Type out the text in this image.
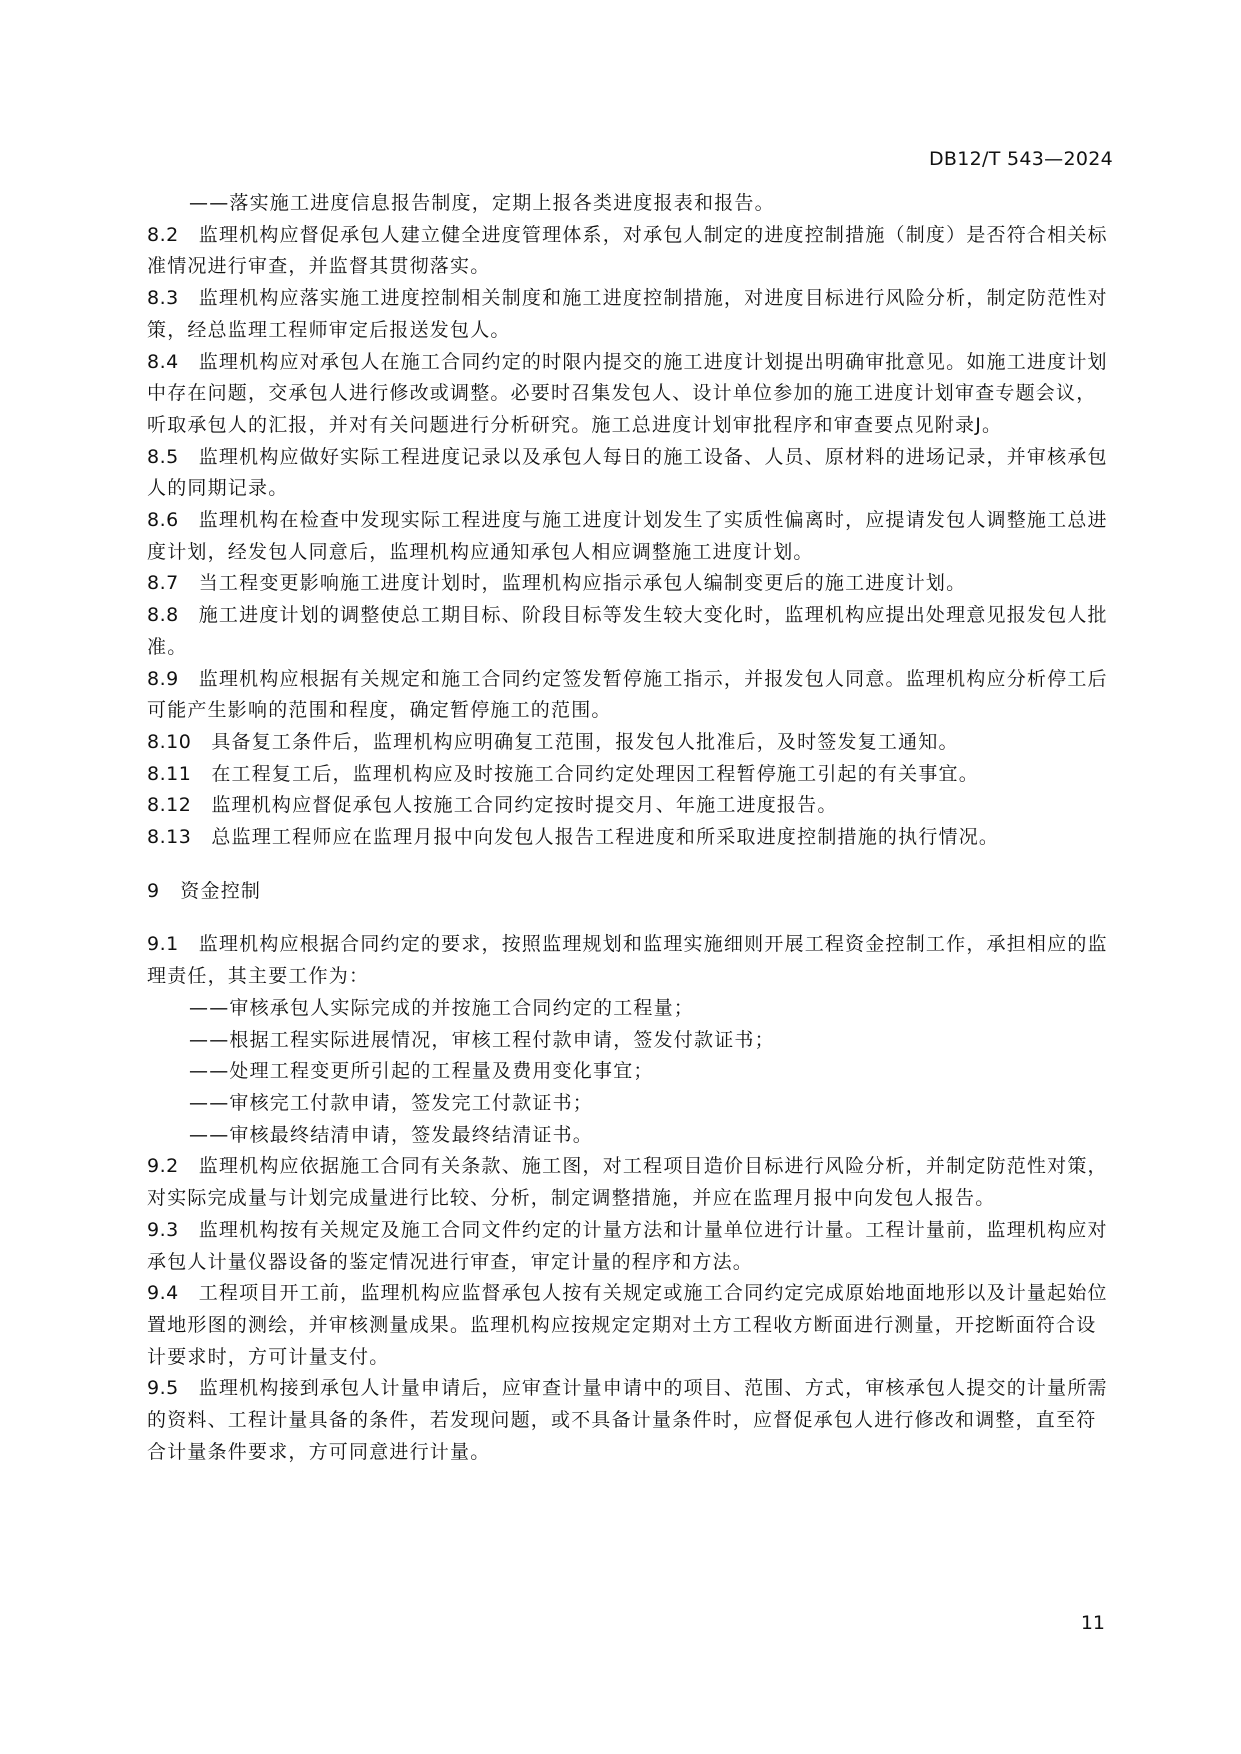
DB12/T 543—2024
——落实施工进度信息报告制度，定期上报各类进度报表和报告。
8.2 监理机构应督促承包人建立健全进度管理体系，对承包人制定的进度控制措施（制度）是否符合相关标准情况进行审查，并监督其贯彻落实。
8.3 监理机构应落实施工进度控制相关制度和施工进度控制措施，对进度目标进行风险分析，制定防范性对策，经总监理工程师审定后报送发包人。
8.4 监理机构应对承包人在施工合同约定的时限内提交的施工进度计划提出明确审批意见。如施工进度计划中存在问题，交承包人进行修改或调整。必要时召集发包人、设计单位参加的施工进度计划审查专题会议，听取承包人的汇报，并对有关问题进行分析研究。施工总进度计划审批程序和审查要点见附录J。
8.5 监理机构应做好实际工程进度记录以及承包人每日的施工设备、人员、原材料的进场记录，并审核承包人的同期记录。
8.6 监理机构在检查中发现实际工程进度与施工进度计划发生了实质性偏离时，应提请发包人调整施工总进度计划，经发包人同意后，监理机构应通知承包人相应调整施工进度计划。
8.7 当工程变更影响施工进度计划时，监理机构应指示承包人编制变更后的施工进度计划。
8.8 施工进度计划的调整使总工期目标、阶段目标等发生较大变化时，监理机构应提出处理意见报发包人批准。
8.9 监理机构应根据有关规定和施工合同约定签发暂停施工指示，并报发包人同意。监理机构应分析停工后可能产生影响的范围和程度，确定暂停施工的范围。
8.10 具备复工条件后，监理机构应明确复工范围，报发包人批准后，及时签发复工通知。
8.11 在工程复工后，监理机构应及时按施工合同约定处理因工程暂停施工引起的有关事宜。
8.12 监理机构应督促承包人按施工合同约定按时提交月、年施工进度报告。
8.13 总监理工程师应在监理月报中向发包人报告工程进度和所采取进度控制措施的执行情况。
9 资金控制
9.1 监理机构应根据合同约定的要求，按照监理规划和监理实施细则开展工程资金控制工作，承担相应的监理责任，其主要工作为：
——审核承包人实际完成的并按施工合同约定的工程量；
——根据工程实际进展情况，审核工程付款申请，签发付款证书；
——处理工程变更所引起的工程量及费用变化事宜；
——审核完工付款申请，签发完工付款证书；
——审核最终结清申请，签发最终结清证书。
9.2 监理机构应依据施工合同有关条款、施工图，对工程项目造价目标进行风险分析，并制定防范性对策，对实际完成量与计划完成量进行比较、分析，制定调整措施，并应在监理月报中向发包人报告。
9.3 监理机构按有关规定及施工合同文件约定的计量方法和计量单位进行计量。工程计量前，监理机构应对承包人计量仪器设备的鉴定情况进行审查，审定计量的程序和方法。
9.4 工程项目开工前，监理机构应监督承包人按有关规定或施工合同约定完成原始地面地形以及计量起始位置地形图的测绘，并审核测量成果。监理机构应按规定定期对土方工程收方断面进行测量，开挖断面符合设计要求时，方可计量支付。
9.5 监理机构接到承包人计量申请后，应审查计量申请中的项目、范围、方式，审核承包人提交的计量所需的资料、工程计量具备的条件，若发现问题，或不具备计量条件时，应督促承包人进行修改和调整，直至符合计量条件要求，方可同意进行计量。
11
